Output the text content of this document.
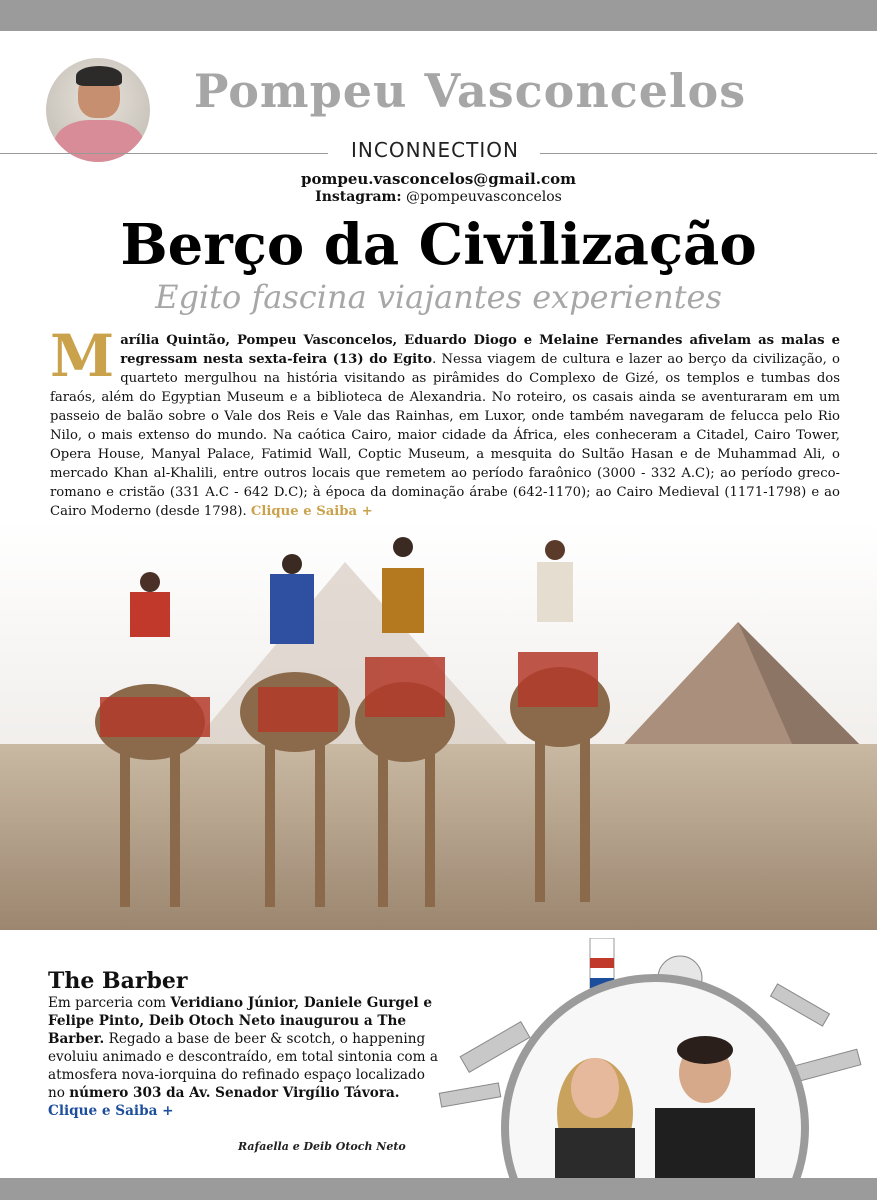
Pompeu Vasconcelos
INCONNECTION
pompeu.vasconcelos@gmail.com
Instagram: @pompeuvasconcelos
Berço da Civilização
Egito fascina viajantes experientes
Marília Quintão, Pompeu Vasconcelos, Eduardo Diogo e Melaine Fernandes afivelam as malas e regressam nesta sexta-feira (13) do Egito. Nessa viagem de cultura e lazer ao berço da civilização, o quarteto mergulhou na história visitando as pirâmides do Complexo de Gizé, os templos e tumbas dos faraós, além do Egyptian Museum e a biblioteca de Alexandria. No roteiro, os casais ainda se aventuraram em um passeio de balão sobre o Vale dos Reis e Vale das Rainhas, em Luxor, onde também navegaram de felucca pelo Rio Nilo, o mais extenso do mundo. Na caótica Cairo, maior cidade da África, eles conheceram a Citadel, Cairo Tower, Opera House, Manyal Palace, Fatimid Wall, Coptic Museum, a mesquita do Sultão Hasan e de Muhammad Ali, o mercado Khan al-Khalili, entre outros locais que remetem ao período faraônico (3000 - 332 A.C); ao período greco-romano e cristão (331 A.C - 642 D.C); à época da dominação árabe (642-1170); ao Cairo Medieval (1171-1798) e ao Cairo Moderno (desde 1798). Clique e Saiba +
The Barber
Em parceria com Veridiano Júnior, Daniele Gurgel e Felipe Pinto, Deib Otoch Neto inaugurou a The Barber. Regado a base de beer & scotch, o happening evoluiu animado e descontraído, em total sintonia com a atmosfera nova-iorquina do refinado espaço localizado no número 303 da Av. Senador Virgílio Távora. Clique e Saiba +
Rafaella e Deib Otoch Neto
